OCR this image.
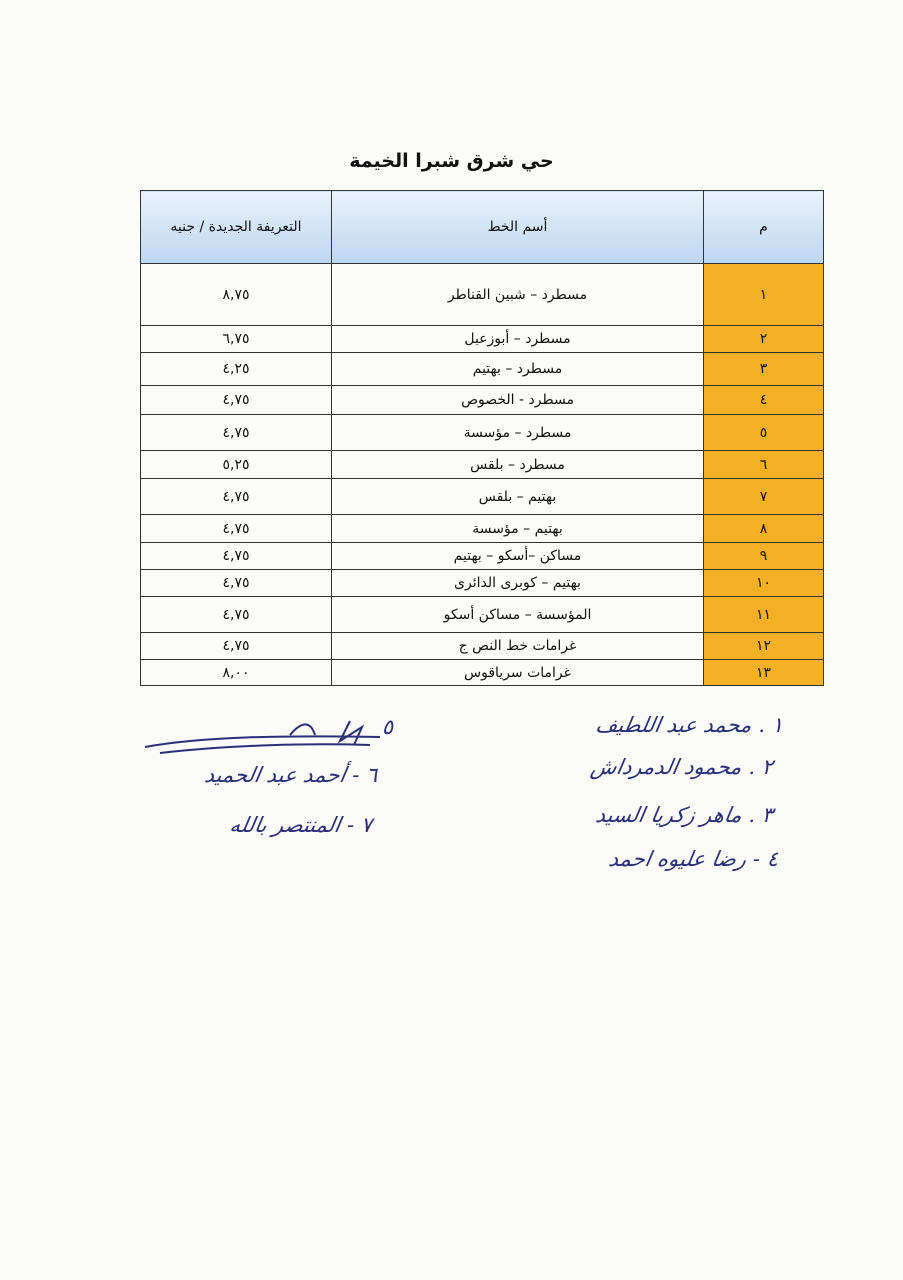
حي شرق شبرا الخيمة
م	أسم الخط	التعريفة الجديدة / جنيه
١	مسطرد – شبين القناطر	٨,٧٥
٢	مسطرد – أبوزعبل	٦,٧٥
٣	مسطرد – بهتيم	٤,٢٥
٤	مسطرد - الخصوص	٤,٧٥
٥	مسطرد – مؤسسة	٤,٧٥
٦	مسطرد – بلقس	٥,٢٥
٧	بهتيم – بلقس	٤,٧٥
٨	بهتيم – مؤسسة	٤,٧٥
٩	مساكن –أسكو – بهتيم	٤,٧٥
١٠	بهتيم – كوبرى الدائرى	٤,٧٥
١١	المؤسسة – مساكن أسكو	٤,٧٥
١٢	غرامات خط النص ج	٤,٧٥
١٣	غرامات سرياقوس	٨,٠٠
١ . محمد عبد اللطيف
٢ . محمود الدمرداش
٣ . ماهر زكريا السيد
٤ - رضا عليوه احمد
٥
٦ - أحمد عبد الحميد
٧ - المنتصر بالله
